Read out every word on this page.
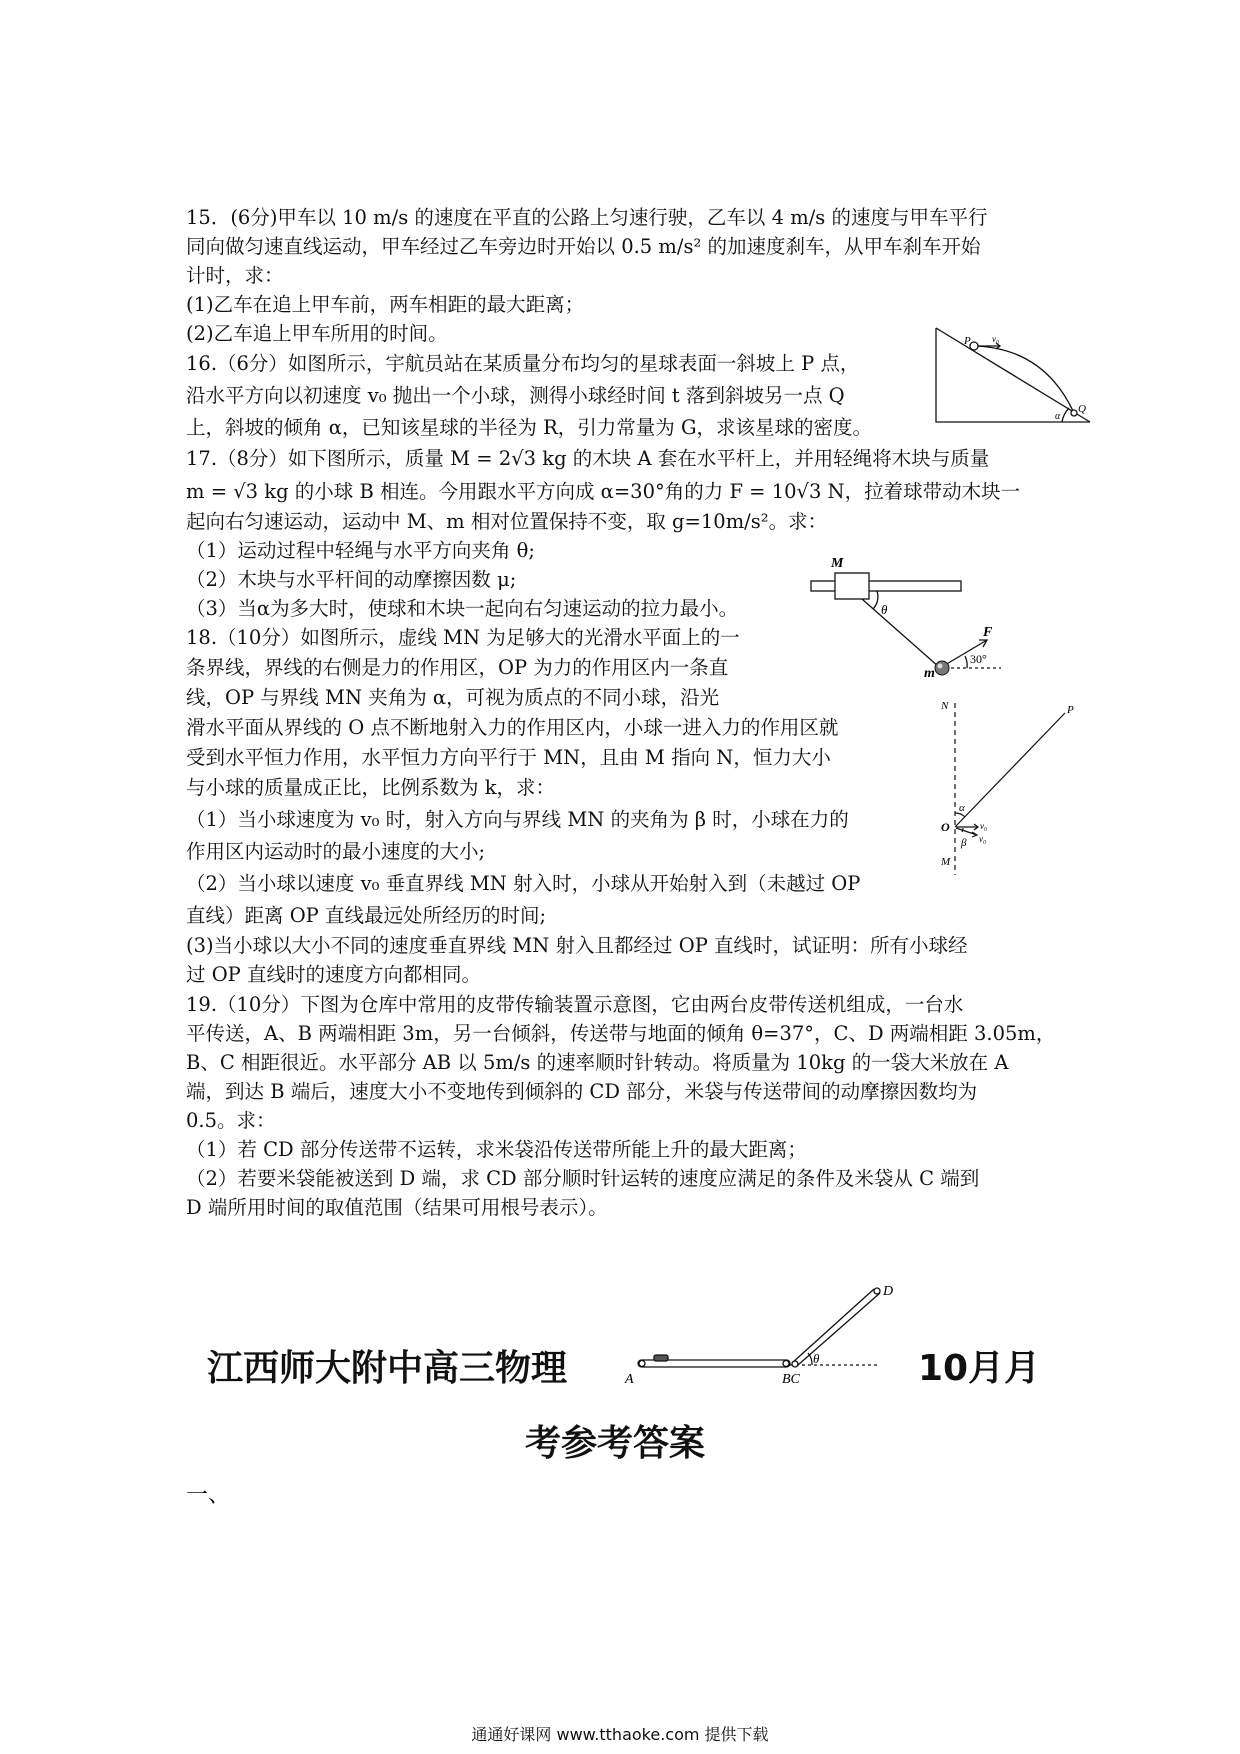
15．(6分)甲车以 10 m/s 的速度在平直的公路上匀速行驶，乙车以 4 m/s 的速度与甲车平行
同向做匀速直线运动，甲车经过乙车旁边时开始以 0.5 m/s² 的加速度刹车，从甲车刹车开始
计时，求：
(1)乙车在追上甲车前，两车相距的最大距离；
(2)乙车追上甲车所用的时间。
16.（6分）如图所示，宇航员站在某质量分布均匀的星球表面一斜坡上 P 点，
沿水平方向以初速度 v₀ 抛出一个小球，测得小球经时间 t 落到斜坡另一点 Q
上，斜坡的倾角 α，已知该星球的半径为 R，引力常量为 G，求该星球的密度。
P v₀
Q
α
17.（8分）如下图所示，质量 M = 2√3 kg 的木块 A 套在水平杆上，并用轻绳将木块与质量
m = √3 kg 的小球 B 相连。今用跟水平方向成 α=30°角的力 F = 10√3 N，拉着球带动木块一
起向右匀速运动，运动中 M、m 相对位置保持不变，取 g=10m/s²。求：
（1）运动过程中轻绳与水平方向夹角 θ;
（2）木块与水平杆间的动摩擦因数 μ;
（3）当α为多大时，使球和木块一起向右匀速运动的拉力最小。
M
θ
F
30°
m
18.（10分）如图所示，虚线 MN 为足够大的光滑水平面上的一
条界线，界线的右侧是力的作用区，OP 为力的作用区内一条直
线，OP 与界线 MN 夹角为 α，可视为质点的不同小球，沿光
滑水平面从界线的 O 点不断地射入力的作用区内，小球一进入力的作用区就
受到水平恒力作用，水平恒力方向平行于 MN，且由 M 指向 N，恒力大小
与小球的质量成正比，比例系数为 k，求：
（1）当小球速度为 v₀ 时，射入方向与界线 MN 的夹角为 β 时，小球在力的
作用区内运动时的最小速度的大小;
（2）当小球以速度 v₀ 垂直界线 MN 射入时，小球从开始射入到（未越过 OP
直线）距离 OP 直线最远处所经历的时间;
(3)当小球以大小不同的速度垂直界线 MN 射入且都经过 OP 直线时，试证明：所有小球经
过 OP 直线时的速度方向都相同。
N	P
α
O	v₀
β v₀
M
19.（10分）下图为仓库中常用的皮带传输装置示意图，它由两台皮带传送机组成，一台水
平传送，A、B 两端相距 3m，另一台倾斜，传送带与地面的倾角 θ=37°，C、D 两端相距 3.05m，
B、C 相距很近。水平部分 AB 以 5m/s 的速率顺时针转动。将质量为 10kg 的一袋大米放在 A
端，到达 B 端后，速度大小不变地传到倾斜的 CD 部分，米袋与传送带间的动摩擦因数均为
0.5。求：
（1）若 CD 部分传送带不运转，求米袋沿传送带所能上升的最大距离；
（2）若要米袋能被送到 D 端，求 CD 部分顺时针运转的速度应满足的条件及米袋从 C 端到
D 端所用时间的取值范围（结果可用根号表示）。
江西师大附中高三物理	A	BC
θ
D
10月月
考参考答案
一、
通通好课网 www.tthaoke.com 提供下载
